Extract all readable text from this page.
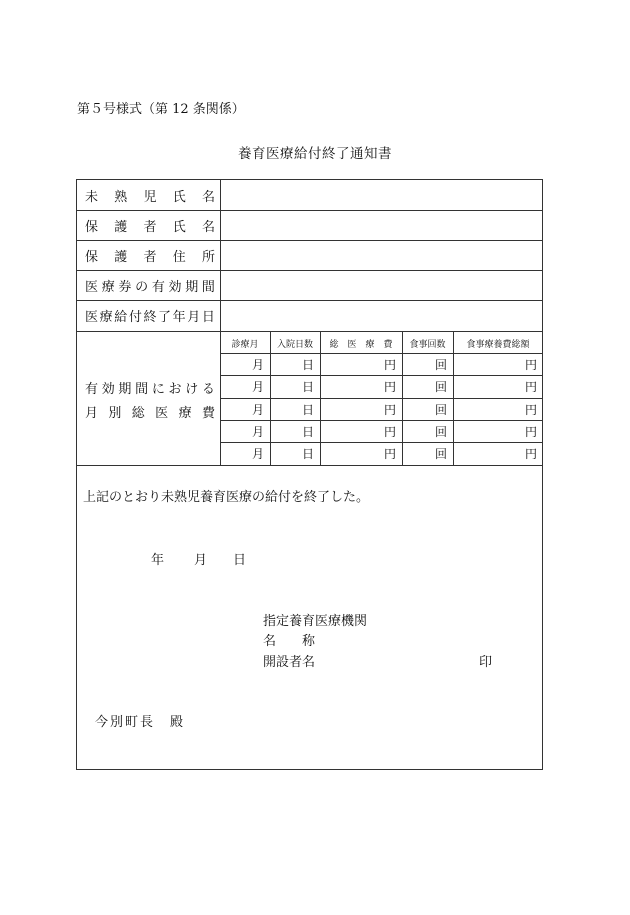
第５号様式（第 12 条関係）
養育医療給付終了通知書
未 熟 児 氏 名
保 護 者 氏 名
保 護 者 住 所
医 療 券 の 有 効 期 間
医 療 給 付 終 了 年 月 日
有 効 期 間 に お け る
月 別 総 医 療 費
診療月	入院日数	総　医　療　費	食事回数	食事療養費総額
月	日	円	回	円
月	日	円	回	円
月	日	円	回	円
月	日	円	回	円
月	日	円	回	円
上記のとおり未熟児養育医療の給付を終了した。
年 月 日
指定養育医療機関
名　　称
開設者名	印
今別町長　殿
